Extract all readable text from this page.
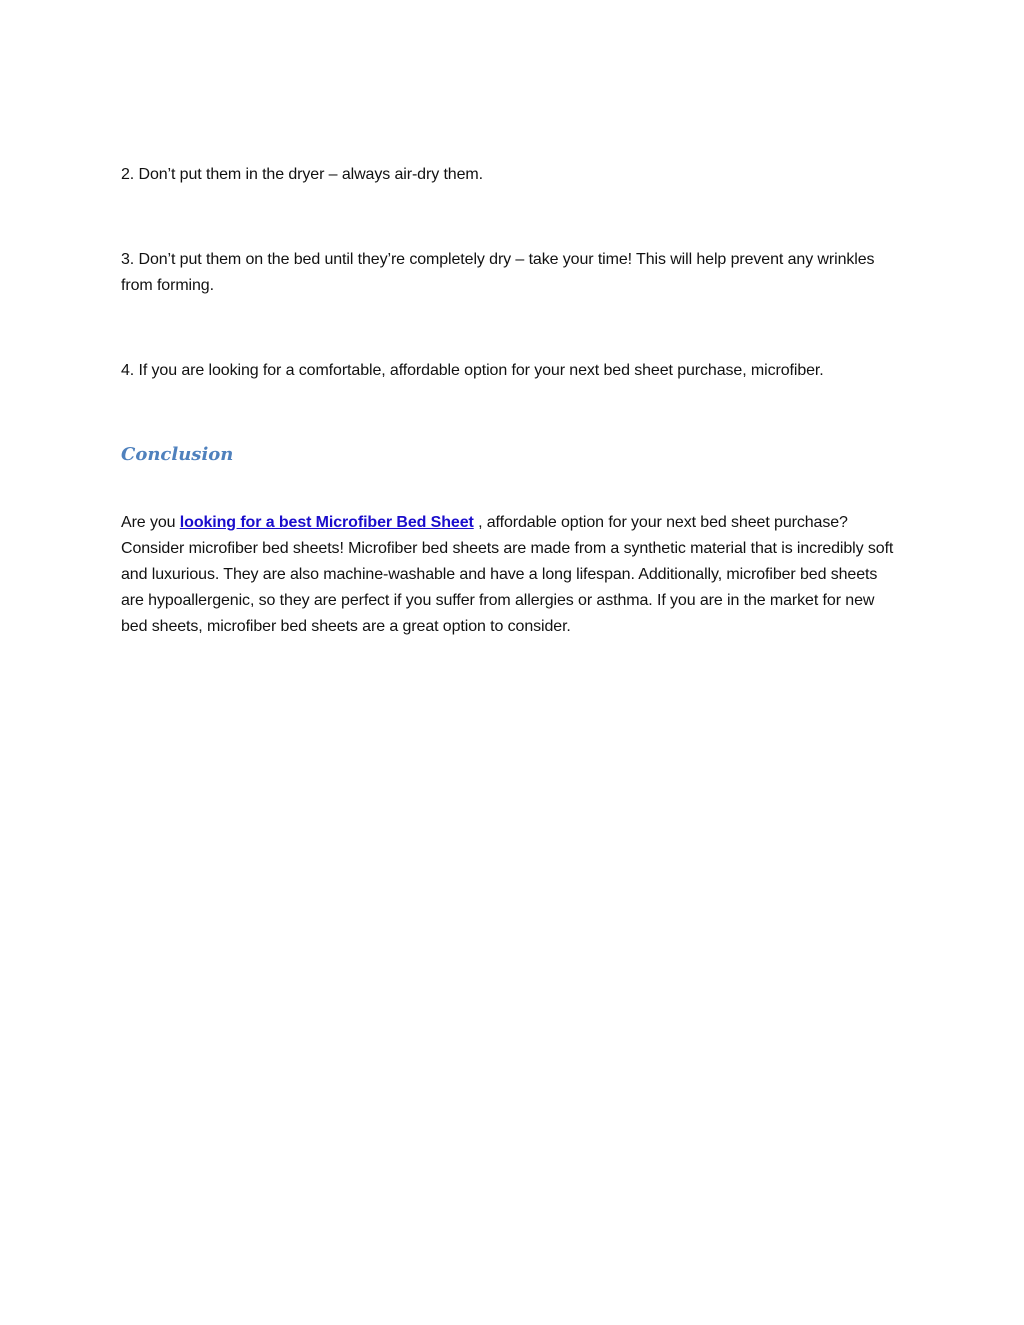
2. Don’t put them in the dryer – always air-dry them.

3. Don’t put them on the bed until they’re completely dry – take your time! This will help prevent any wrinkles from forming.

4. If you are looking for a comfortable, affordable option for your next bed sheet purchase, microfiber.

Conclusion

Are you looking for a best Microfiber Bed Sheet , affordable option for your next bed sheet purchase? Consider microfiber bed sheets! Microfiber bed sheets are made from a synthetic material that is incredibly soft and luxurious. They are also machine-washable and have a long lifespan. Additionally, microfiber bed sheets are hypoallergenic, so they are perfect if you suffer from allergies or asthma. If you are in the market for new bed sheets, microfiber bed sheets are a great option to consider.
